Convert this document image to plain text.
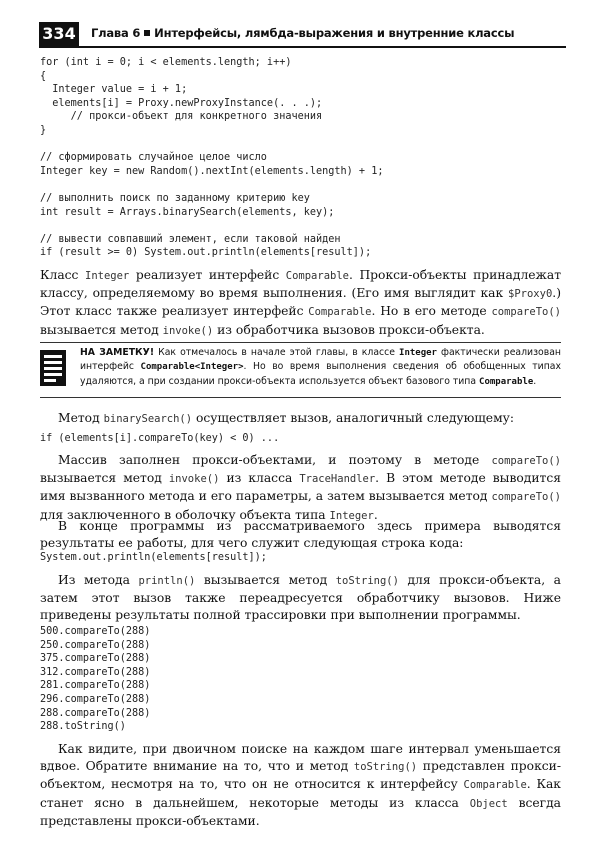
334 Глава 6 Интерфейсы, лямбда-выражения и внутренние классы
for (int i = 0; i < elements.length; i++)
{
Integer value = i + 1;
elements[i] = Proxy.newProxyInstance(. . .);
// прокси-объект для конкретного значения
}

// сформировать случайное целое число
Integer key = new Random().nextInt(elements.length) + 1;

// выполнить поиск по заданному критерию key
int result = Arrays.binarySearch(elements, key);

// вывести совпавший элемент, если таковой найден
if (result >= 0) System.out.println(elements[result]);

Класс Integer реализует интерфейс Comparable. Прокси-объекты принадлежат классу, определяемому во время выполнения. (Его имя выглядит как $Proxy0.) Этот класс также реализует интерфейс Comparable. Но в его методе compareTo() вызывается метод invoke() из обработчика вызовов прокси-объекта.

НА ЗАМЕТКУ! Как отмечалось в начале этой главы, в классе Integer фактически реализован интерфейс Comparable<Integer>. Но во время выполнения сведения об обобщенных типах удаляются, а при создании прокси-объекта используется объект базового типа Comparable.

Метод binarySearch() осуществляет вызов, аналогичный следующему:

if (elements[i].compareTo(key) < 0) ...

Массив заполнен прокси-объектами, и поэтому в методе compareTo() вызывается метод invoke() из класса TraceHandler. В этом методе выводится имя вызванного метода и его параметры, а затем вызывается метод compareTo() для заключенного в оболочку объекта типа Integer.

В конце программы из рассматриваемого здесь примера выводятся результаты ее работы, для чего служит следующая строка кода:

System.out.println(elements[result]);

Из метода println() вызывается метод toString() для прокси-объекта, а затем этот вызов также переадресуется обработчику вызовов. Ниже приведены результаты полной трассировки при выполнении программы.

500.compareTo(288)
250.compareTo(288)
375.compareTo(288)
312.compareTo(288)
281.compareTo(288)
296.compareTo(288)
288.compareTo(288)
288.toString()

Как видите, при двоичном поиске на каждом шаге интервал уменьшается вдвое. Обратите внимание на то, что и метод toString() представлен прокси-объектом, несмотря на то, что он не относится к интерфейсу Comparable. Как станет ясно в дальнейшем, некоторые методы из класса Object всегда представлены прокси-объектами.
